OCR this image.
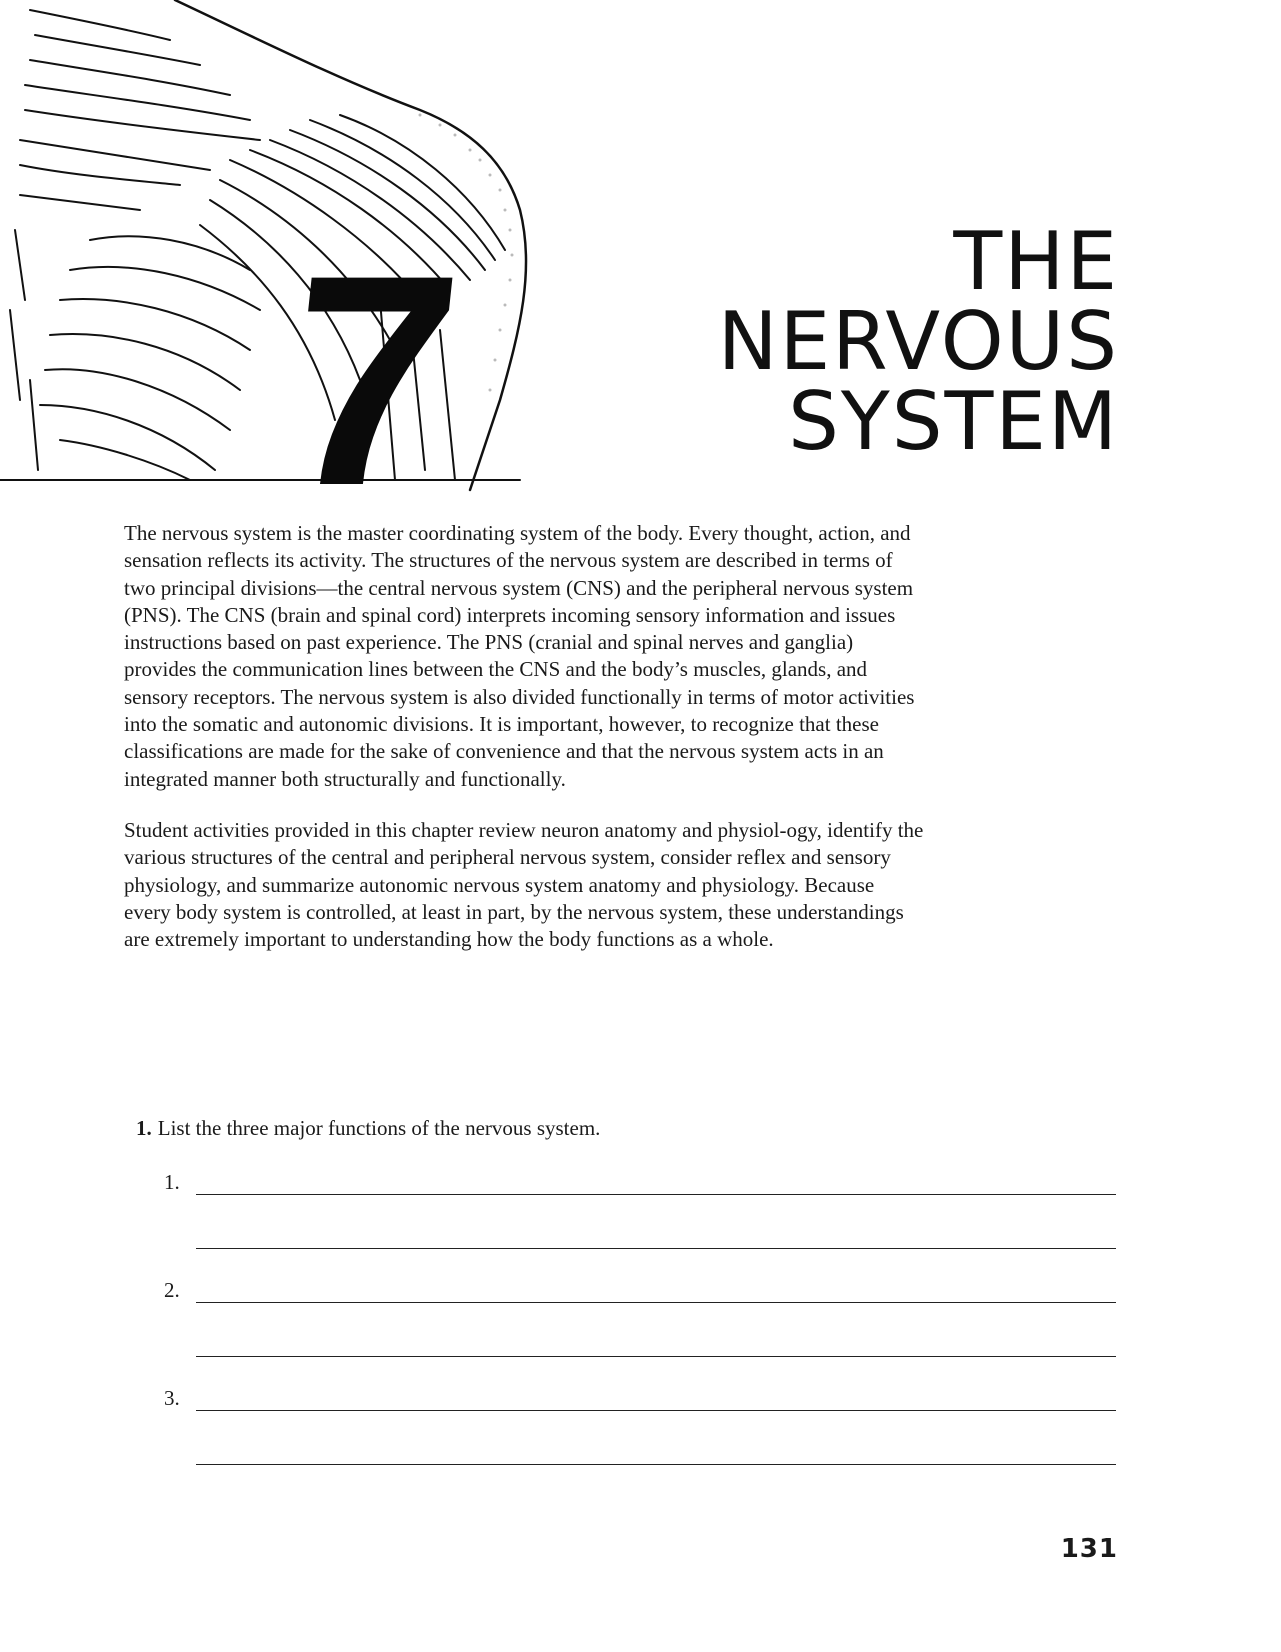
7	THE
NERVOUS
SYSTEM

The nervous system is the master coordinating system of the body. Every thought, action, and sensation reflects its activity. The structures of the nervous system are described in terms of two principal divisions—the central nervous system (CNS) and the peripheral nervous system (PNS). The CNS (brain and spinal cord) interprets incoming sensory information and issues instructions based on past experience. The PNS (cranial and spinal nerves and ganglia) provides the communication lines between the CNS and the body’s muscles, glands, and sensory receptors. The nervous system is also divided functionally in terms of motor activities into the somatic and autonomic divisions. It is important, however, to recognize that these classifications are made for the sake of convenience and that the nervous system acts in an integrated manner both structurally and functionally.

Student activities provided in this chapter review neuron anatomy and physiol-ogy, identify the various structures of the central and peripheral nervous system, consider reflex and sensory physiology, and summarize autonomic nervous system anatomy and physiology. Because every body system is controlled, at least in part, by the nervous system, these understandings are extremely important to understanding how the body functions as a whole.

1. List the three major functions of the nervous system.
1.
2.
3.
131
